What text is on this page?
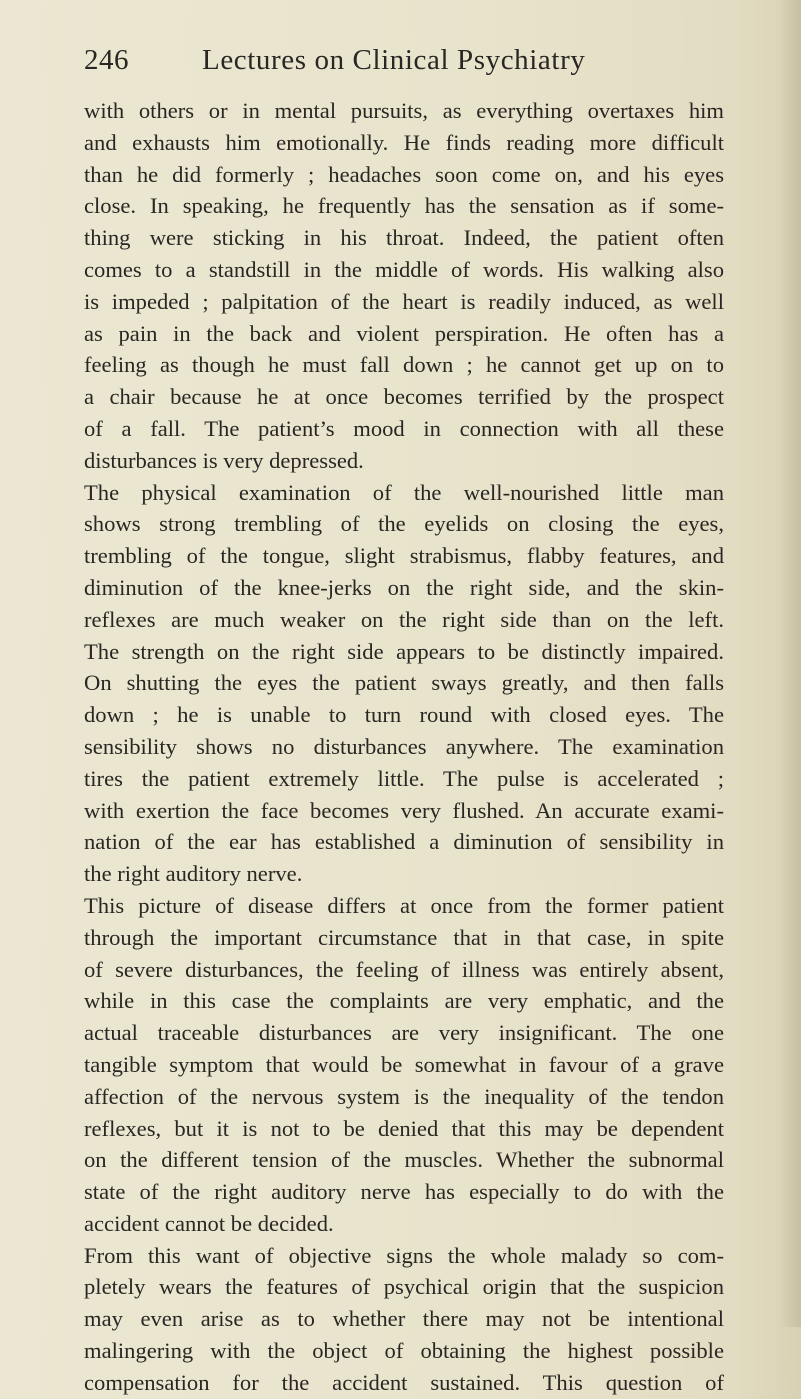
246	Lectures on Clinical Psychiatry
with others or in mental pursuits, as everything overtaxes him
and exhausts him emotionally. He finds reading more difficult
than he did formerly ; headaches soon come on, and his eyes
close. In speaking, he frequently has the sensation as if some-
thing were sticking in his throat. Indeed, the patient often
comes to a standstill in the middle of words. His walking also
is impeded ; palpitation of the heart is readily induced, as well
as pain in the back and violent perspiration. He often has a
feeling as though he must fall down ; he cannot get up on to
a chair because he at once becomes terrified by the prospect
of a fall. The patient’s mood in connection with all these
disturbances is very depressed.
The physical examination of the well-nourished little man
shows strong trembling of the eyelids on closing the eyes,
trembling of the tongue, slight strabismus, flabby features, and
diminution of the knee-jerks on the right side, and the skin-
reflexes are much weaker on the right side than on the left.
The strength on the right side appears to be distinctly impaired.
On shutting the eyes the patient sways greatly, and then falls
down ; he is unable to turn round with closed eyes. The
sensibility shows no disturbances anywhere. The examination
tires the patient extremely little. The pulse is accelerated ;
with exertion the face becomes very flushed. An accurate exami-
nation of the ear has established a diminution of sensibility in
the right auditory nerve.
This picture of disease differs at once from the former patient
through the important circumstance that in that case, in spite
of severe disturbances, the feeling of illness was entirely absent,
while in this case the complaints are very emphatic, and the
actual traceable disturbances are very insignificant. The one
tangible symptom that would be somewhat in favour of a grave
affection of the nervous system is the inequality of the tendon
reflexes, but it is not to be denied that this may be dependent
on the different tension of the muscles. Whether the subnormal
state of the right auditory nerve has especially to do with the
accident cannot be decided.
From this want of objective signs the whole malady so com-
pletely wears the features of psychical origin that the suspicion
may even arise as to whether there may not be intentional
malingering with the object of obtaining the highest possible
compensation for the accident sustained. This question of
